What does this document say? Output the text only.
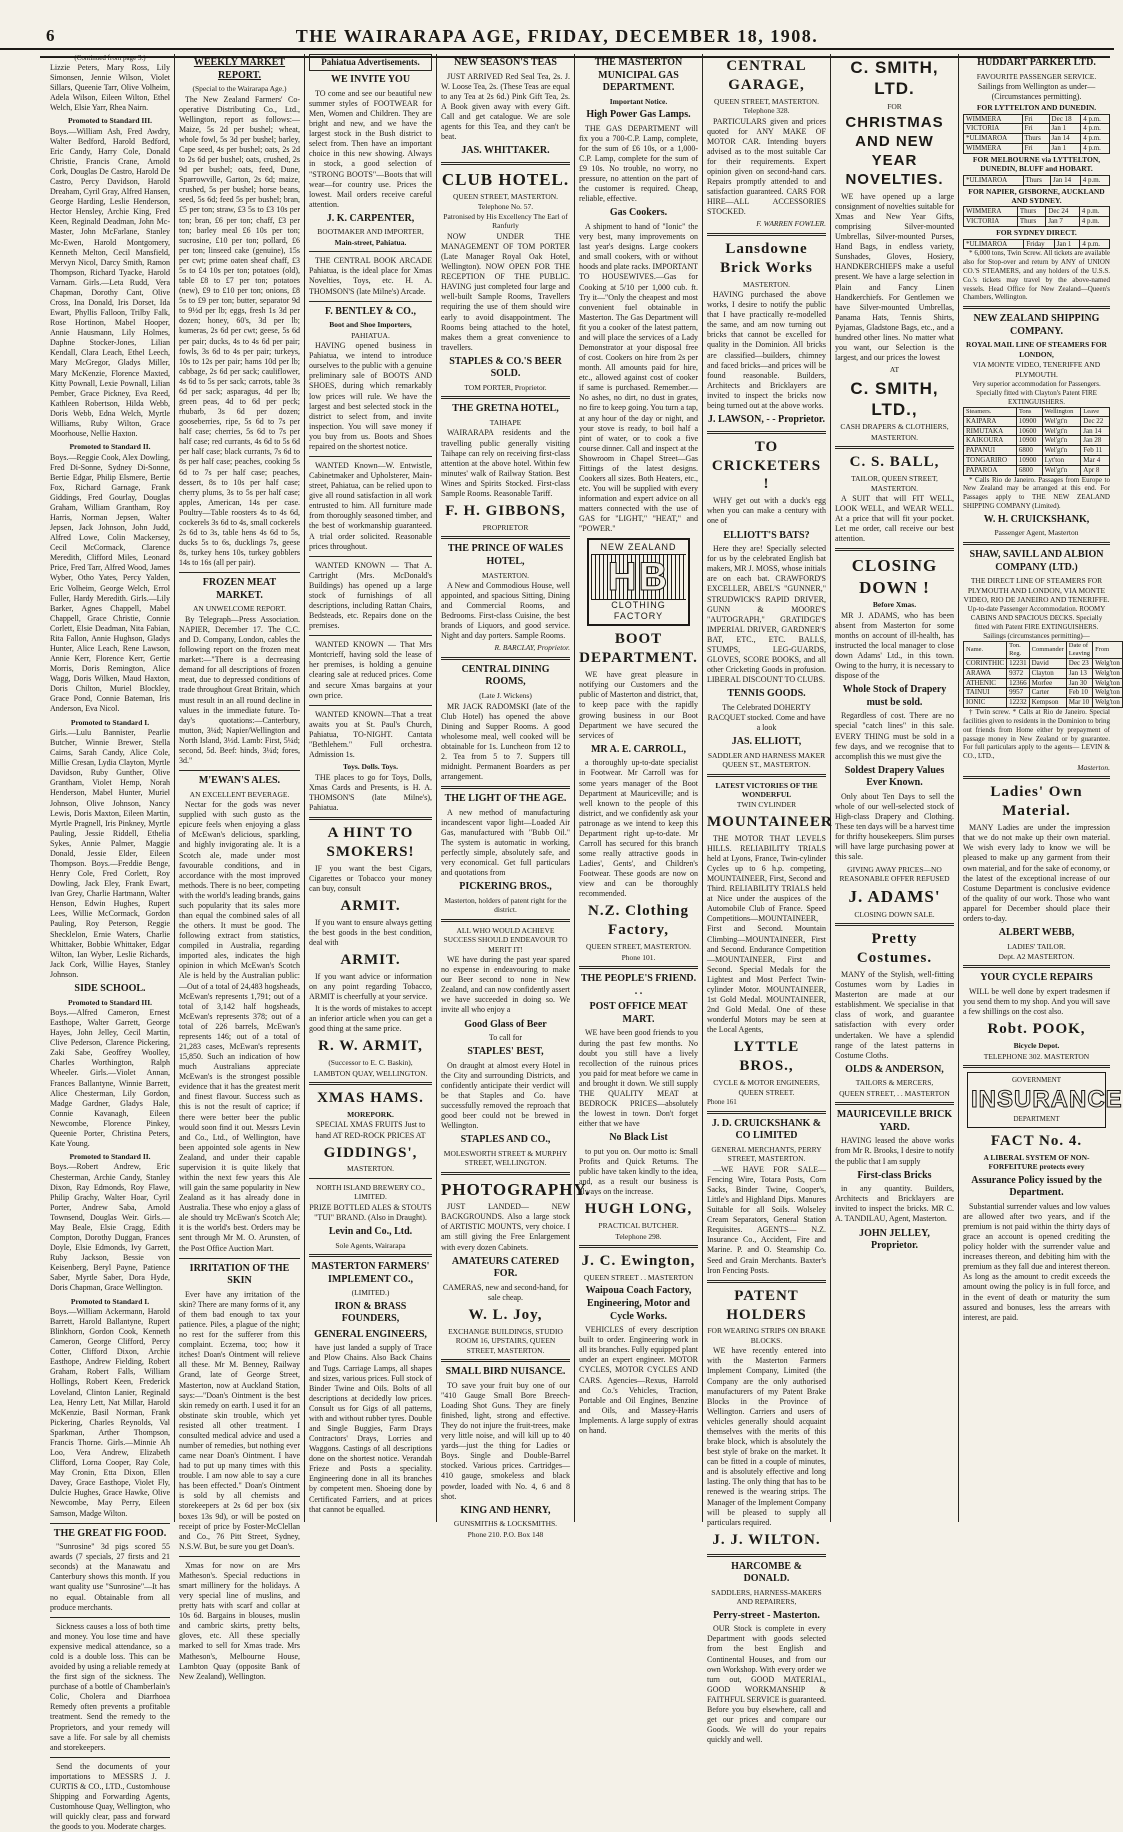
6	THE WAIRARAPA AGE, FRIDAY, DECEMBER 18, 1908.
(Continued from page 3.)
Lizzie Peters, Mary Ross, Lily Simonsen, Jennie Wilson, Violet Sillars, Queenie Tarr, Olive Volheim, Adela Wilson, Eileen Wilton, Ethel Welch, Elsie Yarr, Rhea Nairn.
Promoted to Standard III.
Boys.—William Ash, Fred Awdry, Walter Bedford, Harold Bedford, Eric Candy, Harry Cole, Donald Christie, Francis Crane, Arnold Cork, Douglas De Castro, Harold De Castro, Percy Davidson, Harold Dreaham, Cyril Gray, Alfred Hansen, George Harding, Leslie Henderson, Hector Hensley, Archie King, Fred Keen, Reginald Deadman, John Mc-Master, John McFarlane, Stanley Mc-Ewen, Harold Montgomery, Kenneth Melton, Cecil Mansfield, Mervyn Nicol, Darcy Smith, Ramon Thompson, Richard Tyacke, Harold Varnam. Girls.—Leta Rudd, Vera Chapman, Dorothy Cant, Olive Cross, Ina Donald, Iris Dorset, Ida Ewart, Phyllis Falloon, Trilby Falk, Rose Hortinon, Mabel Hooper, Annie Hausmann, Lily Holmes, Daphne Stocker-Jones, Lilian Kendall, Clara Leach, Ethel Leech, Mary McGregor, Gladys Miller, Mary McKenzie, Florence Maxted, Kitty Pownall, Lexie Pownall, Lilian Pember, Grace Pickney, Eva Reed, Kathleen Robertson, Hilda Webb, Doris Webb, Edna Welch, Myrtle Williams, Ruby Wilton, Grace Moorhouse, Nellie Haxton.
Promoted to Standard II.
Boys.—Reggie Cook, Alex Dowling, Fred Di-Sonne, Sydney Di-Sonne, Bertie Edgar, Philip Elsmere, Bertie Fox, Richard Garnage, Frank Giddings, Fred Gourlay, Douglas Graham, William Grantham, Roy Harris, Norman Jepsen, Walter Jepsen, Jack Johnson, John Judd, Alfred Lowe, Colin Mackersey, Cecil McCormack, Clarence Meredith, Clifford Miles, Leonard Price, Fred Tarr, Alfred Wood, James Wyber, Otho Yates, Percy Yalden, Eric Volheim, George Welch, Errol Fuller, Hardy Meredith. Girls.—Lily Barker, Agnes Chappell, Mabel Chappell, Grace Christie, Connie Corlett, Elsie Deadman, Nita Fabian, Rita Fallon, Annie Hughson, Gladys Hunter, Alice Leach, Rene Lawson, Annie Kerr, Florence Kerr, Gertie Morris, Doris Remington, Alice Wagg, Doris Wilken, Maud Haxton, Doris Chilton, Muriel Blockley, Grace Pond, Connie Bateman, Iris Anderson, Eva Nicol.
Promoted to Standard I.
Girls.—Lulu Bannister, Pearlie Butcher, Winnie Brewer, Stella Cairns, Sarah Candy, Alice Cole, Millie Cresan, Lydia Clayton, Myrtle Davidson, Ruby Gunther, Olive Grantham, Violet Hemp, Norah Henderson, Mabel Hunter, Muriel Johnson, Olive Johnson, Nancy Lewis, Doris Maxton, Eileen Martin, Myrtle Pragnell, Iris Pinkney, Myrtle Pauling, Jessie Riddell, Ethelia Sykes, Annie Palmer, Maggie Donald, Jessie Elder, Eileen Thompson. Boys.—Freddie Benge, Henry Cole, Fred Corlett, Roy Dowling, Jack Eley, Frank Ewart, Ivan Grey, Charlie Hartmann, Walter Henson, Edwin Hughes, Rupert Lees, Willie McCormack, Gordon Pauling, Roy Peterson, Reggie Shecklelon, Ernie Waters, Charlie Whittaker, Bobbie Whittaker, Edgar Wilton, Ian Wyber, Leslie Richards, Jack Cork, Willie Hayes, Stanley Johnson.
SIDE SCHOOL.
Promoted to Standard III.
Boys.—Alfred Cameron, Ernest Easthope, Walter Garrett, George Hayes, John Jelley, Cecil Martin, Clive Pederson, Clarence Pickering, Zaki Sabe, Geoffrey Woolley, Charles Worthington, Ralph Wheeler. Girls.—Violet Annan, Frances Ballantyne, Winnie Barrett, Alice Chesterman, Lily Gordon, Madge Gardner, Gladys Hale, Connie Kavanagh, Eileen Newcombe, Florence Pinkey, Queenie Porter, Christina Peters, Kate Young.
Promoted to Standard II.
Boys.—Robert Andrew, Eric Chesterman, Archie Candy, Stanley Dixon, Ray Edmonds, Roy Flawe, Philip Grachy, Walter Hoar, Cyril Porter, Andrew Saba, Arnold Townsend, Douglas Weir. Girls.—May Beale, Elsie Cragg, Edith Compton, Dorothy Duggan, Frances Doyle, Elsie Edmonds, Ivy Garrett, Ruby Jackson, Bessie von Keisenberg, Beryl Payne, Patience Saber, Myrtle Saber, Dora Hyde, Doris Chapman, Grace Wellington.
Promoted to Standard I.
Boys.—William Ackermann, Harold Barrett, Harold Ballantyne, Rupert Blinkhorn, Gordon Cook, Kenneth Cameron, George Clifford, Percy Cotter, Clifford Dixon, Archie Easthope, Andrew Fielding, Robert Graham, Robert Falls, William Hollings, Robert Keen, Frederick Loveland, Clinton Lanier, Reginald Lea, Henry Lett, Nat Millar, Harold McKenzie, Basil Norman, Frank Pickering, Charles Reynolds, Val Sparkman, Arther Thompson, Francis Thorne. Girls.—Minnie Ah Loo, Vera Andrew, Elizabeth Clifford, Lorna Cooper, Ray Cole, May Cronin, Etta Dixon, Ellen Davey, Grace Easthope, Violet Fly, Dulcie Hughes, Grace Hawke, Olive Newcombe, May Perry, Eileen Samson, Madge Wilton.
THE GREAT FIG FOOD.

"Sunrosine" 3d pigs scored 55 awards (7 specials, 27 firsts and 21 seconds) at the Manawatu and Canterbury shows this month. If you want quality use "Sunrosine"—It has no equal. Obtainable from all produce merchants.

Sickness causes a loss of both time and money. You lose time and have expensive medical attendance, so a cold is a double loss. This can be avoided by using a reliable remedy at the first sign of the sickness. The purchase of a bottle of Chamberlain's Colic, Cholera and Diarrhoea Remedy often prevents a profitable treatment. Send the remedy to the Proprietors, and your remedy will save a life. For sale by all chemists and storekeepers.

Send the documents of your importations to MESSRS J. J. CURTIS & CO., LTD., Customhouse Shipping and Forwarding Agents, Customhouse Quay, Wellington, who will quickly clear, pass and forward the goods to you. Moderate charges.

WEEKLY MARKET REPORT.
(Special to the Wairarapa Age.)

The New Zealand Farmers' Co-operative Distributing Co., Ltd., Wellington, report as follows:—Maize, 5s 2d per bushel; wheat, whole fowl, 5s 3d per bushel; barley, Cape seed, 4s per bushel; oats, 2s 2d to 2s 6d per bushel; oats, crushed, 2s 9d per bushel; oats, feed, Dune, Sparrowville, Garton, 2s 6d; maize, crushed, 5s per bushel; horse beans, seed, 5s 6d; feed 5s per bushel; bran, £5 per ton; straw, £3 5s to £3 10s per ton; bran, £6 per ton; chaff, £3 per ton; barley meal £6 10s per ton; sucrosine, £10 per ton; pollard, £6 per ton; linseed cake (genuine), 15s per cwt; prime oaten sheaf chaff, £3 5s to £4 10s per ton; potatoes (old), table £8 to £7 per ton; potatoes (new), £9 to £10 per ton; onions, £8 5s to £9 per ton; butter, separator 9d to 9½d per lb; eggs, fresh 1s 3d per dozen; honey, 60's, 3d per lb; kumeras, 2s 6d per cwt; geese, 5s 6d per pair; ducks, 4s to 4s 6d per pair; fowls, 3s 6d to 4s per pair; turkeys, 10s to 12s per pair; hams 10d per lb; cabbage, 2s 6d per sack; cauliflower, 4s 6d to 5s per sack; carrots, table 3s 6d per sack; asparagus, 4d per lb; green peas, 4d to 6d per peck; rhubarb, 3s 6d per dozen; gooseberries, ripe, 5s 6d to 7s per half case; cherries, 5s 6d to 7s per half case; red currants, 4s 6d to 5s 6d per half case; black currants, 7s 6d to 8s per half case; peaches, cooking 5s 6d to 7s per half case; peaches, dessert, 8s to 10s per half case; cherry plums, 3s to 5s per half case; apples, American, 14s per case. Poultry—Table roosters 4s to 4s 6d, cockerels 3s 6d to 4s, small cockerels 2s 6d to 3s, table hens 4s 6d to 5s, ducks 5s to 6s, ducklings 7s, geese 8s, turkey hens 10s, turkey gobblers 14s to 16s (all per pair).

FROZEN MEAT MARKET.
AN UNWELCOME REPORT.

By Telegraph—Press Association. NAPIER, December 17. The C.C. and D. Company, London, cables the following report on the frozen meat market:—"There is a decreasing demand for all descriptions of frozen meat, due to depressed conditions of trade throughout Great Britain, which must result in an all round decline in values in the immediate future. To-day's quotations:—Canterbury, mutton, 3¼d; Napier/Wellington and North Island, 3½d. Lamb: First, 5¼d; second, 5d. Beef: hinds, 3¼d; fores, 3d."

M'EWAN'S ALES.
AN EXCELLENT BEVERAGE.

Nectar for the gods was never supplied with such gusto as the epicure feels when enjoying a glass of McEwan's delicious, sparkling, and highly invigorating ale. It is a Scotch ale, made under most favourable conditions, and in accordance with the most improved methods. There is no beer, competing with the world's leading brands, gains such popularity that its sales more than equal the combined sales of all the others. It must be good. The following extract from statistics, compiled in Australia, regarding imported ales, indicates the high opinion in which McEwan's Scotch Ale is held by the Australian public:—Out of a total of 24,483 hogsheads, McEwan's represents 1,791; out of a total of 3,142 half hogsheads, McEwan's represents 378; out of a total of 226 barrels, McEwan's represents 146; out of a total of 21,283 cases, McEwan's represents 15,850. Such an indication of how much Australians appreciate McEwan's is the strongest possible evidence that it has the greatest merit and finest flavour. Success such as this is not the result of caprice; if there were better beer the public would soon find it out. Messrs Levin and Co., Ltd., of Wellington, have been appointed sole agents in New Zealand, and under their capable supervision it is quite likely that within the next few years this Ale will gain the same popularity in New Zealand as it has already done in Australia. These who enjoy a glass of ale should try McEwan's Scotch Ale; it is the world's best. Orders may be sent through Mr M. O. Arunsten, of the Post Office Auction Mart.

IRRITATION OF THE SKIN

Ever have any irritation of the skin? There are many forms of it, any of them bad enough to tax your patience. Piles, a plague of the night; no rest for the sufferer from this complaint. Eczema, too; how it itches! Doan's Ointment will relieve all these. Mr M. Benney, Railway Grand, late of George Street, Masterton, now at Auckland Station, says:—"Doan's Ointment is the best skin remedy on earth. I used it for an obstinate skin trouble, which yet resisted all other treatment. I consulted medical advice and used a number of remedies, but nothing ever came near Doan's Ointment. I have had to put up many times with this trouble. I am now able to say a cure has been effected." Doan's Ointment is sold by all chemists and storekeepers at 2s 6d per box (six boxes 13s 9d), or will be posted on receipt of price by Foster-McClellan and Co., 76 Pitt Street, Sydney, N.S.W. But, be sure you get Doan's.

Xmas for now on are Mrs Matheson's. Special reductions in smart millinery for the holidays. A very special line of muslins, and pretty hats with scarf and collar at 10s 6d. Bargains in blouses, muslin and cambric skirts, pretty belts, gloves, etc. All these specially marked to sell for Xmas trade. Mrs Matheson's, Melbourne House, Lambton Quay (opposite Bank of New Zealand), Wellington.

Pahiatua Advertisements.
WE INVITE YOU

TO come and see our beautiful new summer styles of FOOTWEAR for Men, Women and Children. They are bright and new, and we have the largest stock in the Bush district to select from. Then have an important choice in this new showing. Always in stock, a good selection of "STRONG BOOTS"—Boots that will wear—for country use. Prices the lowest. Mail orders receive careful attention.

J. K. CARPENTER,
BOOTMAKER AND IMPORTER,
Main-street, Pahiatua.

THE CENTRAL BOOK ARCADE Pahiatua, is the ideal place for Xmas Novelties, Toys, etc. H. A. THOMSON'S (late Milne's) Arcade.

F. BENTLEY & CO.,
Boot and Shoe Importers,
PAHIATUA.

HAVING opened business in Pahiatua, we intend to introduce ourselves to the public with a genuine preliminary sale of BOOTS AND SHOES, during which remarkably low prices will rule. We have the largest and best selected stock in the district to select from, and invite inspection. You will save money if you buy from us. Boots and Shoes repaired on the shortest notice.

WANTED Known—W. Entwistle, Cabinetmaker and Upholsterer, Main-street, Pahiatua, can be relied upon to give all round satisfaction in all work entrusted to him. All furniture made from thoroughly seasoned timber, and the best of workmanship guaranteed. A trial order solicited. Reasonable prices throughout.

WANTED KNOWN — That A. Cartright (Mrs. McDonald's Buildings) has opened up a large stock of furnishings of all descriptions, including Rattan Chairs, Bedsteads, etc. Repairs done on the premises.

WANTED KNOWN — That Mrs Montcrieff, having sold the lease of her premises, is holding a genuine clearing sale at reduced prices. Come and secure Xmas bargains at your own price.

WANTED KNOWN—That a treat awaits you at St. Paul's Church, Pahiatua, TO-NIGHT. Cantata "Bethlehem." Full orchestra. Admission 1s.

Toys. Dolls. Toys.

THE places to go for Toys, Dolls, Xmas Cards and Presents, is H. A. THOMSON'S (late Milne's), Pahiatua.

A HINT TO SMOKERS!

IF you want the best Cigars, Cigarettes or Tobacco your money can buy, consult

ARMIT.

If you want to ensure always getting the best goods in the best condition, deal with

ARMIT.

If you want advice or information on any point regarding Tobacco, ARMIT is cheerfully at your service.

It is the words of mistakes to accept an inferior article when you can get a good thing at the same price.

R. W. ARMIT,
(Successor to E. C. Baskin),
LAMBTON QUAY, WELLINGTON.
XMAS HAMS.
MOREPORK.
SPECIAL XMAS FRUITS Just to hand AT RED-ROCK PRICES AT
GIDDINGS',
MASTERTON.
NORTH ISLAND BREWERY CO., LIMITED.
PRIZE BOTTLED ALES & STOUTS "TUI" BRAND. (Also in Draught).
Levin and Co., Ltd.
Sole Agents, Wairarapa
MASTERTON FARMERS' IMPLEMENT CO.,
(LIMITED.)
IRON & BRASS FOUNDERS,
GENERAL ENGINEERS,

have just landed a supply of Trace and Plow Chains. Also Back Chains and Tugs. Carriage Lamps, all shapes and sizes, various prices. Full stock of Binder Twine and Oils. Bolts of all descriptions at decidedly low prices. Consult us for Gigs of all patterns, with and without rubber tyres. Double and Single Buggies, Farm Drays Contractors' Drays, Lorries and Waggons. Castings of all descriptions done on the shortest notice. Verandah Frieze and Posts a speciality. Engineering done in all its branches by competent men. Shoeing done by Certificated Farriers, and at prices that cannot be equalled.

NEW SEASON'S TEAS

JUST ARRIVED Red Seal Tea, 2s. J. W. Loose Tea, 2s. (These Teas are equal to any Tea at 2s 6d.) Pink Gift Tea, 2s. A Book given away with every Gift. Call and get catalogue. We are sole agents for this Tea, and they can't be beat.

JAS. WHITTAKER.
CLUB HOTEL.
QUEEN STREET, MASTERTON. Telephone No. 57.
Patronised by His Excellency The Earl of Ranfurly

NOW UNDER THE MANAGEMENT OF TOM PORTER (Late Manager Royal Oak Hotel, Wellington). NOW OPEN FOR THE RECEPTION OF THE PUBLIC. HAVING just completed four large and well-built Sample Rooms, Travellers requiring the use of them should wire early to avoid disappointment. The Rooms being attached to the hotel, makes them a great convenience to travellers.

STAPLES & CO.'S BEER SOLD.
TOM PORTER, Proprietor.
THE GRETNA HOTEL,
TAIHAPE

WAIRARAPA residents and the travelling public generally visiting Taihape can rely on receiving first-class attention at the above hotel. Within few minutes' walk of Railway Station. Best Wines and Spirits Stocked. First-class Sample Rooms. Reasonable Tariff.

F. H. GIBBONS,
PROPRIETOR
THE PRINCE OF WALES HOTEL,
MASTERTON.

A New and Commodious House, well appointed, and spacious Sitting, Dining and Commercial Rooms, and Bedrooms. First-class Cuisine, the best brands of Liquors, and good service. Night and day porters. Sample Rooms.

R. BARCLAY, Proprietor.
CENTRAL DINING ROOMS,
(Late J. Wickens)

MR JACK RADOMSKI (late of the Club Hotel) has opened the above Dining and Supper Rooms. A good wholesome meal, well cooked will be obtainable for 1s. Luncheon from 12 to 2. Tea from 5 to 7. Suppers till midnight. Permanent Boarders as per arrangement.

THE LIGHT OF THE AGE.

A new method of manufacturing incandescent vapor light—Loaded Air Gas, manufactured with "Bubb Oil." The system is automatic in working, perfectly simple, absolutely safe, and very economical. Get full particulars and quotations from

PICKERING BROS.,
Masterton, holders of patent right for the district.
ALL WHO WOULD ACHIEVE SUCCESS SHOULD ENDEAVOUR TO MERIT IT!

WE have during the past year spared no expense in endeavouring to make our Beer second to none in New Zealand, and can now confidently assert we have succeeded in doing so. We invite all who enjoy a

Good Glass of Beer
To call for
STAPLES' BEST,

On draught at almost every Hotel in the City and surrounding Districts, and confidently anticipate their verdict will be that Staples and Co. have successfully removed the reproach that good beer could not be brewed in Wellington.

STAPLES AND CO.,
MOLESWORTH STREET & MURPHY STREET, WELLINGTON.
PHOTOGRAPHY.

JUST LANDED— NEW BACKGROUNDS. Also a large stock of ARTISTIC MOUNTS, very choice. I am still giving the Free Enlargement with every dozen Cabinets.

AMATEURS CATERED FOR.
CAMERAS, new and second-hand, for sale cheap.
W. L. Joy,
EXCHANGE BUILDINGS, STUDIO ROOM 16, UPSTAIRS, QUEEN STREET, MASTERTON.
SMALL BIRD NUISANCE.

TO save your fruit buy one of our "410 Gauge Small Bore Breech-Loading Shot Guns. They are finely finished, light, strong and effective. They do not injure the fruit-trees, make very little noise, and will kill up to 40 yards—just the thing for Ladies or Boys. Single and Double-Barrel stocked. Various prices. Cartridges—410 gauge, smokeless and black powder, loaded with No. 4, 6 and 8 shot.

KING AND HENRY,
GUNSMITHS & LOCKSMITHS.
Phone 210. P.O. Box 148
THE MASTERTON MUNICIPAL GAS DEPARTMENT.
Important Notice.
High Power Gas Lamps.

THE GAS DEPARTMENT will fix you a 700-C.P. Lamp, complete, for the sum of £6 10s, or a 1,000-C.P. Lamp, complete for the sum of £9 10s. No trouble, no worry, no pressure, no attention on the part of the customer is required. Cheap, reliable, effective.

Gas Cookers.

A shipment to hand of "Ionic" the very best, many improvements on last year's designs. Large cookers and small cookers, with or without hoods and plate racks. IMPORTANT TO HOUSEWIVES.—Gas for Cooking at 5/10 per 1,000 cub. ft. Try it—"Only the cheapest and most convenient fuel obtainable in Masterton. The Gas Department will fit you a cooker of the latest pattern, and will place the services of a Lady Demonstrator at your disposal free of cost. Cookers on hire from 2s per month. All amounts paid for hire, etc., allowed against cost of cooker if same is purchased. Remember.—No ashes, no dirt, no dust in grates, no fire to keep going. You turn a tap, at any hour of the day or night, and your stove is ready, to boil half a pint of water, or to cook a five course dinner. Call and inspect at the Showroom in Chapel Street—Gas Fittings of the latest designs. Cookers all sizes. Both Heaters, etc., etc. You will be supplied with every information and expert advice on all matters connected with the use of GAS for "LIGHT," "HEAT," and "POWER."

NEW ZEALAND
HB
CLOTHING FACTORY
BOOT DEPARTMENT.

WE have great pleasure in notifying our Customers and the public of Masterton and district, that, to keep pace with the rapidly growing business in our Boot Department we have secured the services of

MR A. E. CARROLL,

a thoroughly up-to-date specialist in Footwear. Mr Carroll was for some years manager of the Boot Department at Mauriceville; and is well known to the people of this district, and we confidently ask your patronage as we intend to keep this Department right up-to-date. Mr Carroll has secured for this branch some really attractive goods in Ladies', Gents', and Children's Footwear. These goods are now on view and can be thoroughly recommended.

N.Z. Clothing Factory,
QUEEN STREET, MASTERTON.
Phone 101.
THE PEOPLE'S FRIEND. . .
POST OFFICE MEAT MART.

WE have been good friends to you during the past few months. No doubt you still have a lively recollection of the ruinous prices you paid for meat before we came in and brought it down. We still supply THE QUALITY MEAT at BEDROCK PRICES—absolutely the lowest in town. Don't forget either that we have

No Black List

to put you on. Our motto is: Small Profits and Quick Returns. The public have taken kindly to the idea, and, as a result our business is always on the increase.

HUGH LONG,
PRACTICAL BUTCHER.
Telephone 298.
J. C. Ewington,
QUEEN STREET . . MASTERTON
Waipoua Coach Factory, Engineering, Motor and Cycle Works.

VEHICLES of every description built to order. Engineering work in all its branches. Fully equipped plant under an expert engineer. MOTOR CYCLES, MOTOR CYCLES AND CARS. Agencies—Rexus, Harrold and Co.'s Vehicles, Traction, Portable and Oil Engines, Benzine and Oils, and Massey-Harris Implements. A large supply of extras on hand.

CENTRAL GARAGE,
QUEEN STREET, MASTERTON. Telephone 328.

PARTICULARS given and prices quoted for ANY MAKE OF MOTOR CAR. Intending buyers advised as to the most suitable Car for their requirements. Expert opinion given on second-hand cars. Repairs promptly attended to and satisfaction guaranteed. CARS FOR HIRE—ALL ACCESSORIES STOCKED.

F. WARREN FOWLER.
Lansdowne Brick Works
MASTERTON.

HAVING purchased the above works, I desire to notify the public that I have practically re-modelled the same, and am now turning out bricks that cannot be excelled for quality in the Dominion. All bricks are classified—builders, chimney and faced bricks—and prices will be found reasonable. Builders, Architects and Bricklayers are invited to inspect the bricks now being turned out at the above works.

J. LAWSON, - - Proprietor.
TO CRICKETERS !

WHY get out with a duck's egg when you can make a century with one of

ELLIOTT'S BATS?

Here they are! Specially selected for us by the celebrated English bat makers, MR J. MOSS, whose initials are on each bat. CRAWFORD'S EXCELLER, ABEL'S "GUNNER," STRUDWICK'S RAPID DRIVER, GUNN & MOORE'S "AUTOGRAPH," GRATIDGE'S IMPERIAL DRIVER, GARDNER'S BAT, ETC., ETC. BALLS, STUMPS, LEG-GUARDS, GLOVES, SCORE BOOKS, and all other Cricketing Goods in profusion. LIBERAL DISCOUNT TO CLUBS.

TENNIS GOODS.
The Celebrated DOHERTY RACQUET stocked. Come and have a look
JAS. ELLIOTT,
SADDLER AND HARNESS MAKER QUEEN ST., MASTERTON.
LATEST VICTORIES OF THE WONDERFUL
TWIN CYLINDER
MOUNTAINEER

THE MOTOR THAT LEVELS HILLS. RELIABILITY TRIALS held at Lyons, France, Twin-cylinder Cycles up to 6 h.p. competing, MOUNTAINEER, First, Second and Third. RELIABILITY TRIALS held at Nice under the auspices of the Automobile Club of France. Speed Competitions—MOUNTAINEER, First and Second. Mountain Climbing—MOUNTAINEER, First and Second. Endurance Competition—MOUNTAINEER, First and Second. Special Medals for the Lightest and Most Perfect Twin-cylinder Motor. MOUNTAINEER, 1st Gold Medal. MOUNTAINEER, 2nd Gold Medal. One of these wonderful Motors may be seen at the Local Agents,

LYTTLE BROS.,
CYCLE & MOTOR ENGINEERS, QUEEN STREET.
Phone 161
J. D. CRUICKSHANK & CO LIMITED
GENERAL MERCHANTS, PERRY STREET, MASTERTON.

—WE HAVE FOR SALE— Fencing Wire, Totara Posts, Corn Sacks, Binder Twine, Cooper's, Little's and Highland Dips. Manures Suitable for all Soils. Wolseley Cream Separators, General Station Requisites. AGENTS— N.Z. Insurance Co., Accident, Fire and Marine. P. and O. Steamship Co. Seed and Grain Merchants. Baxter's Iron Fencing Posts.

PATENT HOLDERS
FOR WEARING STRIPS ON BRAKE BLOCKS.

WE have recently entered into with the Masterton Farmers Implement Company, Limited (the Company are the only authorised manufacturers of my Patent Brake Blocks in the Province of Wellington. Carriers and users of vehicles generally should acquaint themselves with the merits of this brake block, which is absolutely the best style of brake on the market. It can be fitted in a couple of minutes, and is absolutely effective and long lasting. The only thing that has to be renewed is the wearing strips. The Manager of the Implement Company will be pleased to supply all particulars required.

J. J. WILTON.
HARCOMBE & DONALD.
SADDLERS, HARNESS-MAKERS AND REPAIRERS,
Perry-street - Masterton.

OUR Stock is complete in every Department with goods selected from the best English and Continental Houses, and from our own Workshop. With every order we turn out, GOOD MATERIAL, GOOD WORKMANSHIP & FAITHFUL SERVICE is guaranteed. Before you buy elsewhere, call and get our prices and compare our Goods. We will do your repairs quickly and well.

C. SMITH, LTD.
FOR
CHRISTMAS AND NEW YEAR NOVELTIES.

WE have opened up a large consignment of novelties suitable for Xmas and New Year Gifts, comprising Silver-mounted Umbrellas, Silver-mounted Purses, Hand Bags, in endless variety, Sunshades, Gloves, Hosiery, HANDKERCHIEFS make a useful present. We have a large selection in Plain and Fancy Linen Handkerchiefs. For Gentlemen we have Silver-mounted Umbrellas, Panama Hats, Tennis Shirts, Pyjamas, Gladstone Bags, etc., and a hundred other lines. No matter what you want, our Selection is the largest, and our prices the lowest

AT
C. SMITH, LTD.,
CASH DRAPERS & CLOTHIERS,
MASTERTON.
C. S. BALL,
TAILOR, QUEEN STREET, MASTERTON.

A SUIT that will FIT WELL, LOOK WELL, and WEAR WELL. At a price that will fit your pocket. Let me order, call receive our best attention.

CLOSING DOWN !
Before Xmas.

MR J. ADAMS, who has been absent from Masterton for some months on account of ill-health, has instructed the local manager to close down Adams' Ltd., in this town. Owing to the hurry, it is necessary to dispose of the

Whole Stock of Drapery must be sold.

Regardless of cost. There are no special "catch lines" in this sale. EVERY THING must be sold in a few days, and we recognise that to accomplish this we must give the

Soldest Drapery Values Ever Known.

Only about Ten Days to sell the whole of our well-selected stock of High-class Drapery and Clothing. These ten days will be a harvest time for thrifty housekeepers. Slim purses will have large purchasing power at this sale.

GIVING AWAY PRICES—NO REASONABLE OFFER REFUSED
J. ADAMS'
CLOSING DOWN SALE.
Pretty Costumes.

MANY of the Stylish, well-fitting Costumes worn by Ladies in Masterton are made at our establishment. We specialise in that class of work, and guarantee satisfaction with every order undertaken. We have a splendid range of the latest patterns in Costume Cloths.

OLDS & ANDERSON,
TAILORS & MERCERS,
QUEEN STREET, . . MASTERTON
MAURICEVILLE BRICK YARD.

HAVING leased the above works from Mr R. Brooks, I desire to notify the public that I am supply

First-class Bricks

in any quantity. Builders, Architects and Bricklayers are invited to inspect the bricks. MR C. A. TANDILAU, Agent, Masterton.

JOHN JELLEY, Proprietor.
HUDDART PARKER LTD.
FAVOURITE PASSENGER SERVICE.
Sailings from Wellington as under—(Circumstances permitting).
FOR LYTTELTON AND DUNEDIN.
WIMMERA	Fri	Dec 18	4 p.m.
VICTORIA	Fri	Jan 1	4 p.m.
*ULIMAROA	Thurs	Jan 14	4 p.m.
WIMMERA	Fri	Jan 1	4 p.m.
FOR MELBOURNE via LYTTELTON, DUNEDIN, BLUFF and HOBART.
*ULIMAROA	Thurs	Jan 14	4 p.m.
FOR NAPIER, GISBORNE, AUCKLAND AND SYDNEY.
WIMMERA	Thurs	Dec 24	4 p.m.
VICTORIA	Thurs	Jan 7	4 p.m.
FOR SYDNEY DIRECT.
*ULIMAROA	Friday	Jan 1	4 p.m.

* 6,000 tons, Twin Screw. All tickets are available also for Stop-over and return by ANY of UNION CO.'S STEAMERS, and any holders of the U.S.S. Co.'s tickets may travel by the above-named vessels. Head Office for New Zealand—Queen's Chambers, Wellington.

NEW ZEALAND SHIPPING COMPANY.
ROYAL MAIL LINE OF STEAMERS FOR LONDON,
VIA MONTE VIDEO, TENERIFFE AND PLYMOUTH.
Very superior accommodation for Passengers. Specially fitted with Clayton's Patent FIRE EXTINGUISHERS.
Steamers.	Tons	Wellington	Leave
KAIPARA	10900	Wel'gt'n	Dec 22
RIMUTAKA	10600	Wel'gt'n	Jan 14
KAIKOURA	10900	Wel'gt'n	Jan 28
PAPANUI	6800	Wel'gt'n	Feb 11
TONGARIRO	10900	Lyt'ton	Mar 4
PAPAROA	6800	Wel'gt'n	Apr 8

* Calls Rio de Janeiro. Passages from Europe to New Zealand may be arranged at this end. For Passages apply to THE NEW ZEALAND SHIPPING COMPANY (Limited).

W. H. CRUICKSHANK,
Passenger Agent, Masterton
SHAW, SAVILL AND ALBION COMPANY (LTD.)
THE DIRECT LINE OF STEAMERS FOR PLYMOUTH AND LONDON, VIA MONTE VIDEO, RIO DE JANEIRO AND TENERIFFE.
Up-to-date Passenger Accommodation. ROOMY CABINS AND SPACIOUS DECKS. Specially fitted with Patent FIRE EXTINGUISHERS. Sailings (circumstances permitting)—
Name.	Ton. Reg.	Commander	Date of Leaving	From
CORINTHIC	12231	David	Dec 23	Welg'ton
ARAWA	9372	Clayton	Jan 13	Welg'ton
ATHENIC	12366	Morfee	Jan 30	Welg'ton
TAINUI	9957	Carter	Feb 10	Welg'ton
IONIC	12232	Kempson	Mar 10	Welg'ton

† Twin screw. * Calls at Rio de Janeiro. Special facilities given to residents in the Dominion to bring out friends from Home either by prepayment of passage money in New Zealand or by guarantee. For full particulars apply to the agents— LEVIN & CO., LTD.,

Masterton.
Ladies' Own Material.

MANY Ladies are under the impression that we do not make up their own material. We wish every lady to know we will be pleased to make up any garment from their own material, and for the sake of economy, or the latest of the exceptional increase of our Costume Department is conclusive evidence of the quality of our work. Those who want apparel for December should place their orders to-day.

ALBERT WEBB,
LADIES' TAILOR.
Dept. A2 MASTERTON.
YOUR CYCLE REPAIRS

WILL be well done by expert tradesmen if you send them to my shop. And you will save a few shillings on the cost also.

Robt. POOK,
Bicycle Depot.
TELEPHONE 302. MASTERTON
GOVERNMENT
INSURANCE
DEPARTMENT
FACT No. 4.
A LIBERAL SYSTEM OF NON-FORFEITURE protects every
Assurance Policy issued by the Department.

Substantial surrender values and low values are allowed after two years, and if the premium is not paid within the thirty days of grace an account is opened crediting the policy holder with the surrender value and increases thereon, and debiting him with the premium as they fall due and interest thereon. As long as the amount to credit exceeds the amount owing the policy is in full force, and in the event of death or maturity the sum assured and bonuses, less the arrears with interest, are paid.
